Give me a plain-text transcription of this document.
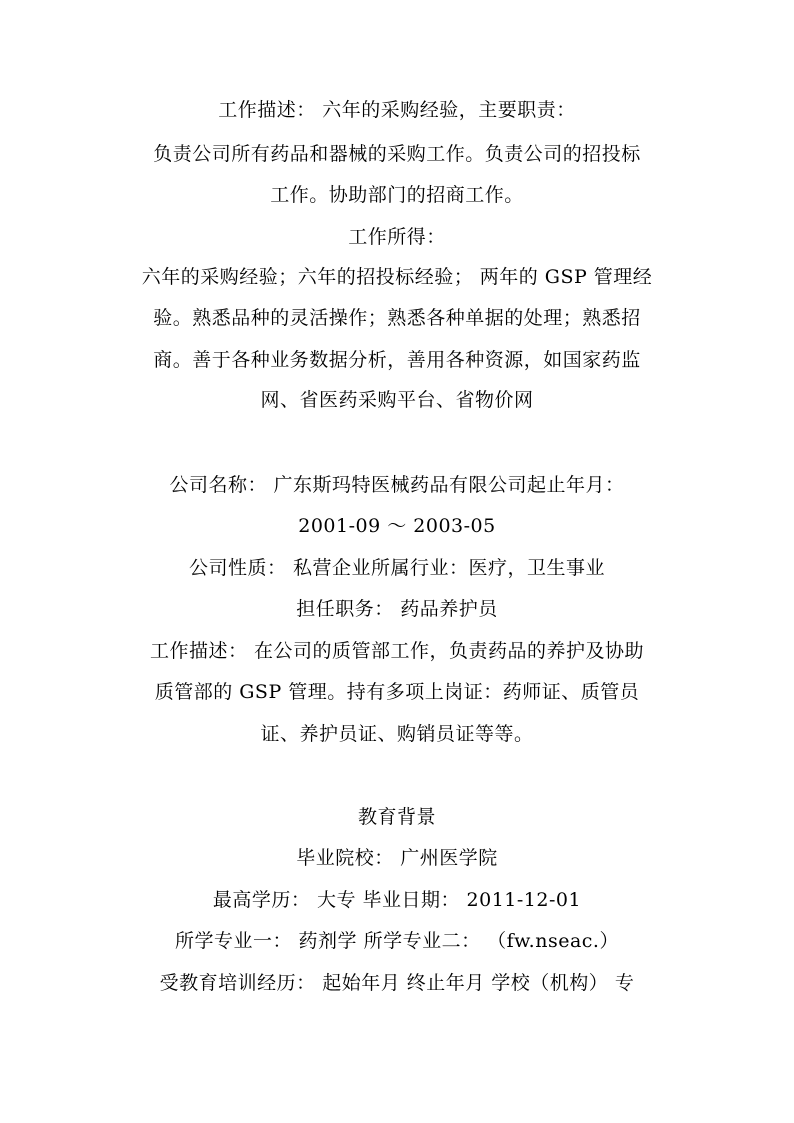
工作描述： 六年的采购经验，主要职责：
负责公司所有药品和器械的采购工作。负责公司的招投标
工作。协助部门的招商工作。
工作所得：
六年的采购经验；六年的招投标经验； 两年的 GSP 管理经
验。熟悉品种的灵活操作；熟悉各种单据的处理；熟悉招
商。善于各种业务数据分析，善用各种资源，如国家药监
网、省医药采购平台、省物价网
公司名称： 广东斯玛特医械药品有限公司起止年月：
2001-09 ～ 2003-05
公司性质： 私营企业所属行业：医疗，卫生事业
担任职务： 药品养护员
工作描述： 在公司的质管部工作，负责药品的养护及协助
质管部的 GSP 管理。持有多项上岗证：药师证、质管员
证、养护员证、购销员证等等。
教育背景
毕业院校： 广州医学院
最高学历： 大专 毕业日期： 2011-12-01
所学专业一： 药剂学 所学专业二： （fw.nseac.）
受教育培训经历： 起始年月 终止年月 学校（机构） 专
